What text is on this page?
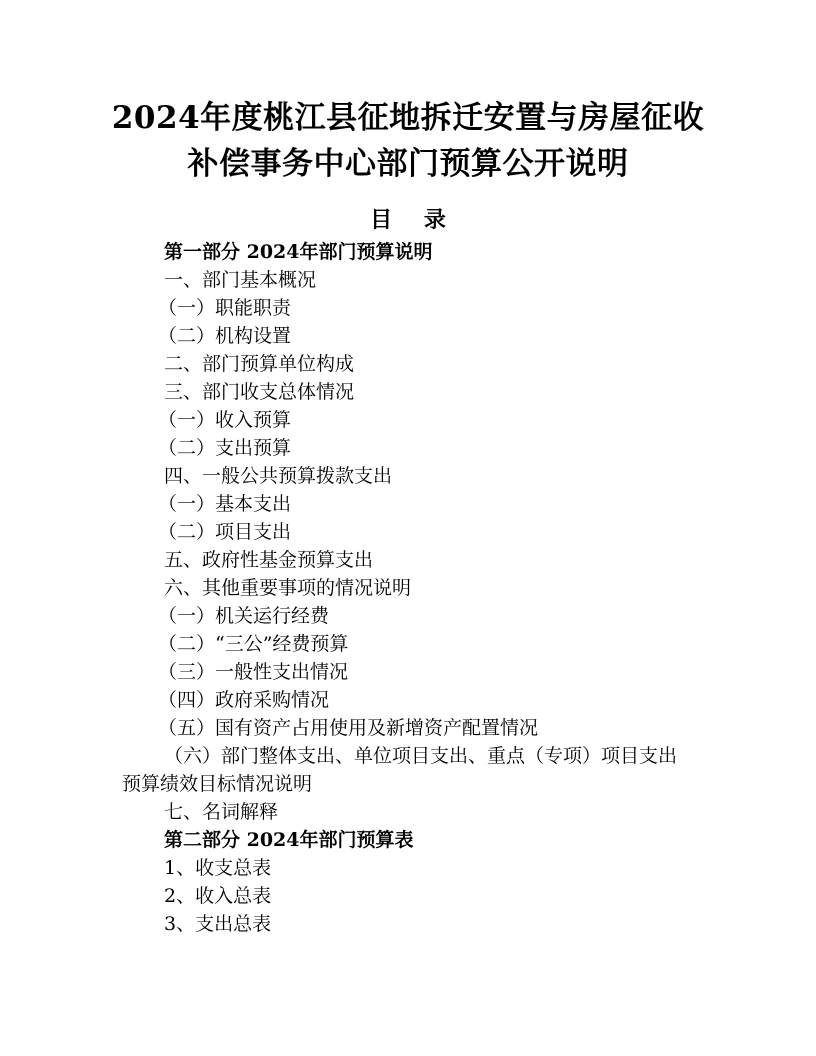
2024年度桃江县征地拆迁安置与房屋征收
补偿事务中心部门预算公开说明
目 录
第一部分 2024年部门预算说明
一、部门基本概况
（一）职能职责
（二）机构设置
二、部门预算单位构成
三、部门收支总体情况
（一）收入预算
（二）支出预算
四、一般公共预算拨款支出
（一）基本支出
（二）项目支出
五、政府性基金预算支出
六、其他重要事项的情况说明
（一）机关运行经费
（二）“三公”经费预算
（三）一般性支出情况
（四）政府采购情况
（五）国有资产占用使用及新增资产配置情况
（六）部门整体支出、单位项目支出、重点（专项）项目支出预算绩效目标情况说明
七、名词解释
第二部分 2024年部门预算表
1、收支总表
2、收入总表
3、支出总表
